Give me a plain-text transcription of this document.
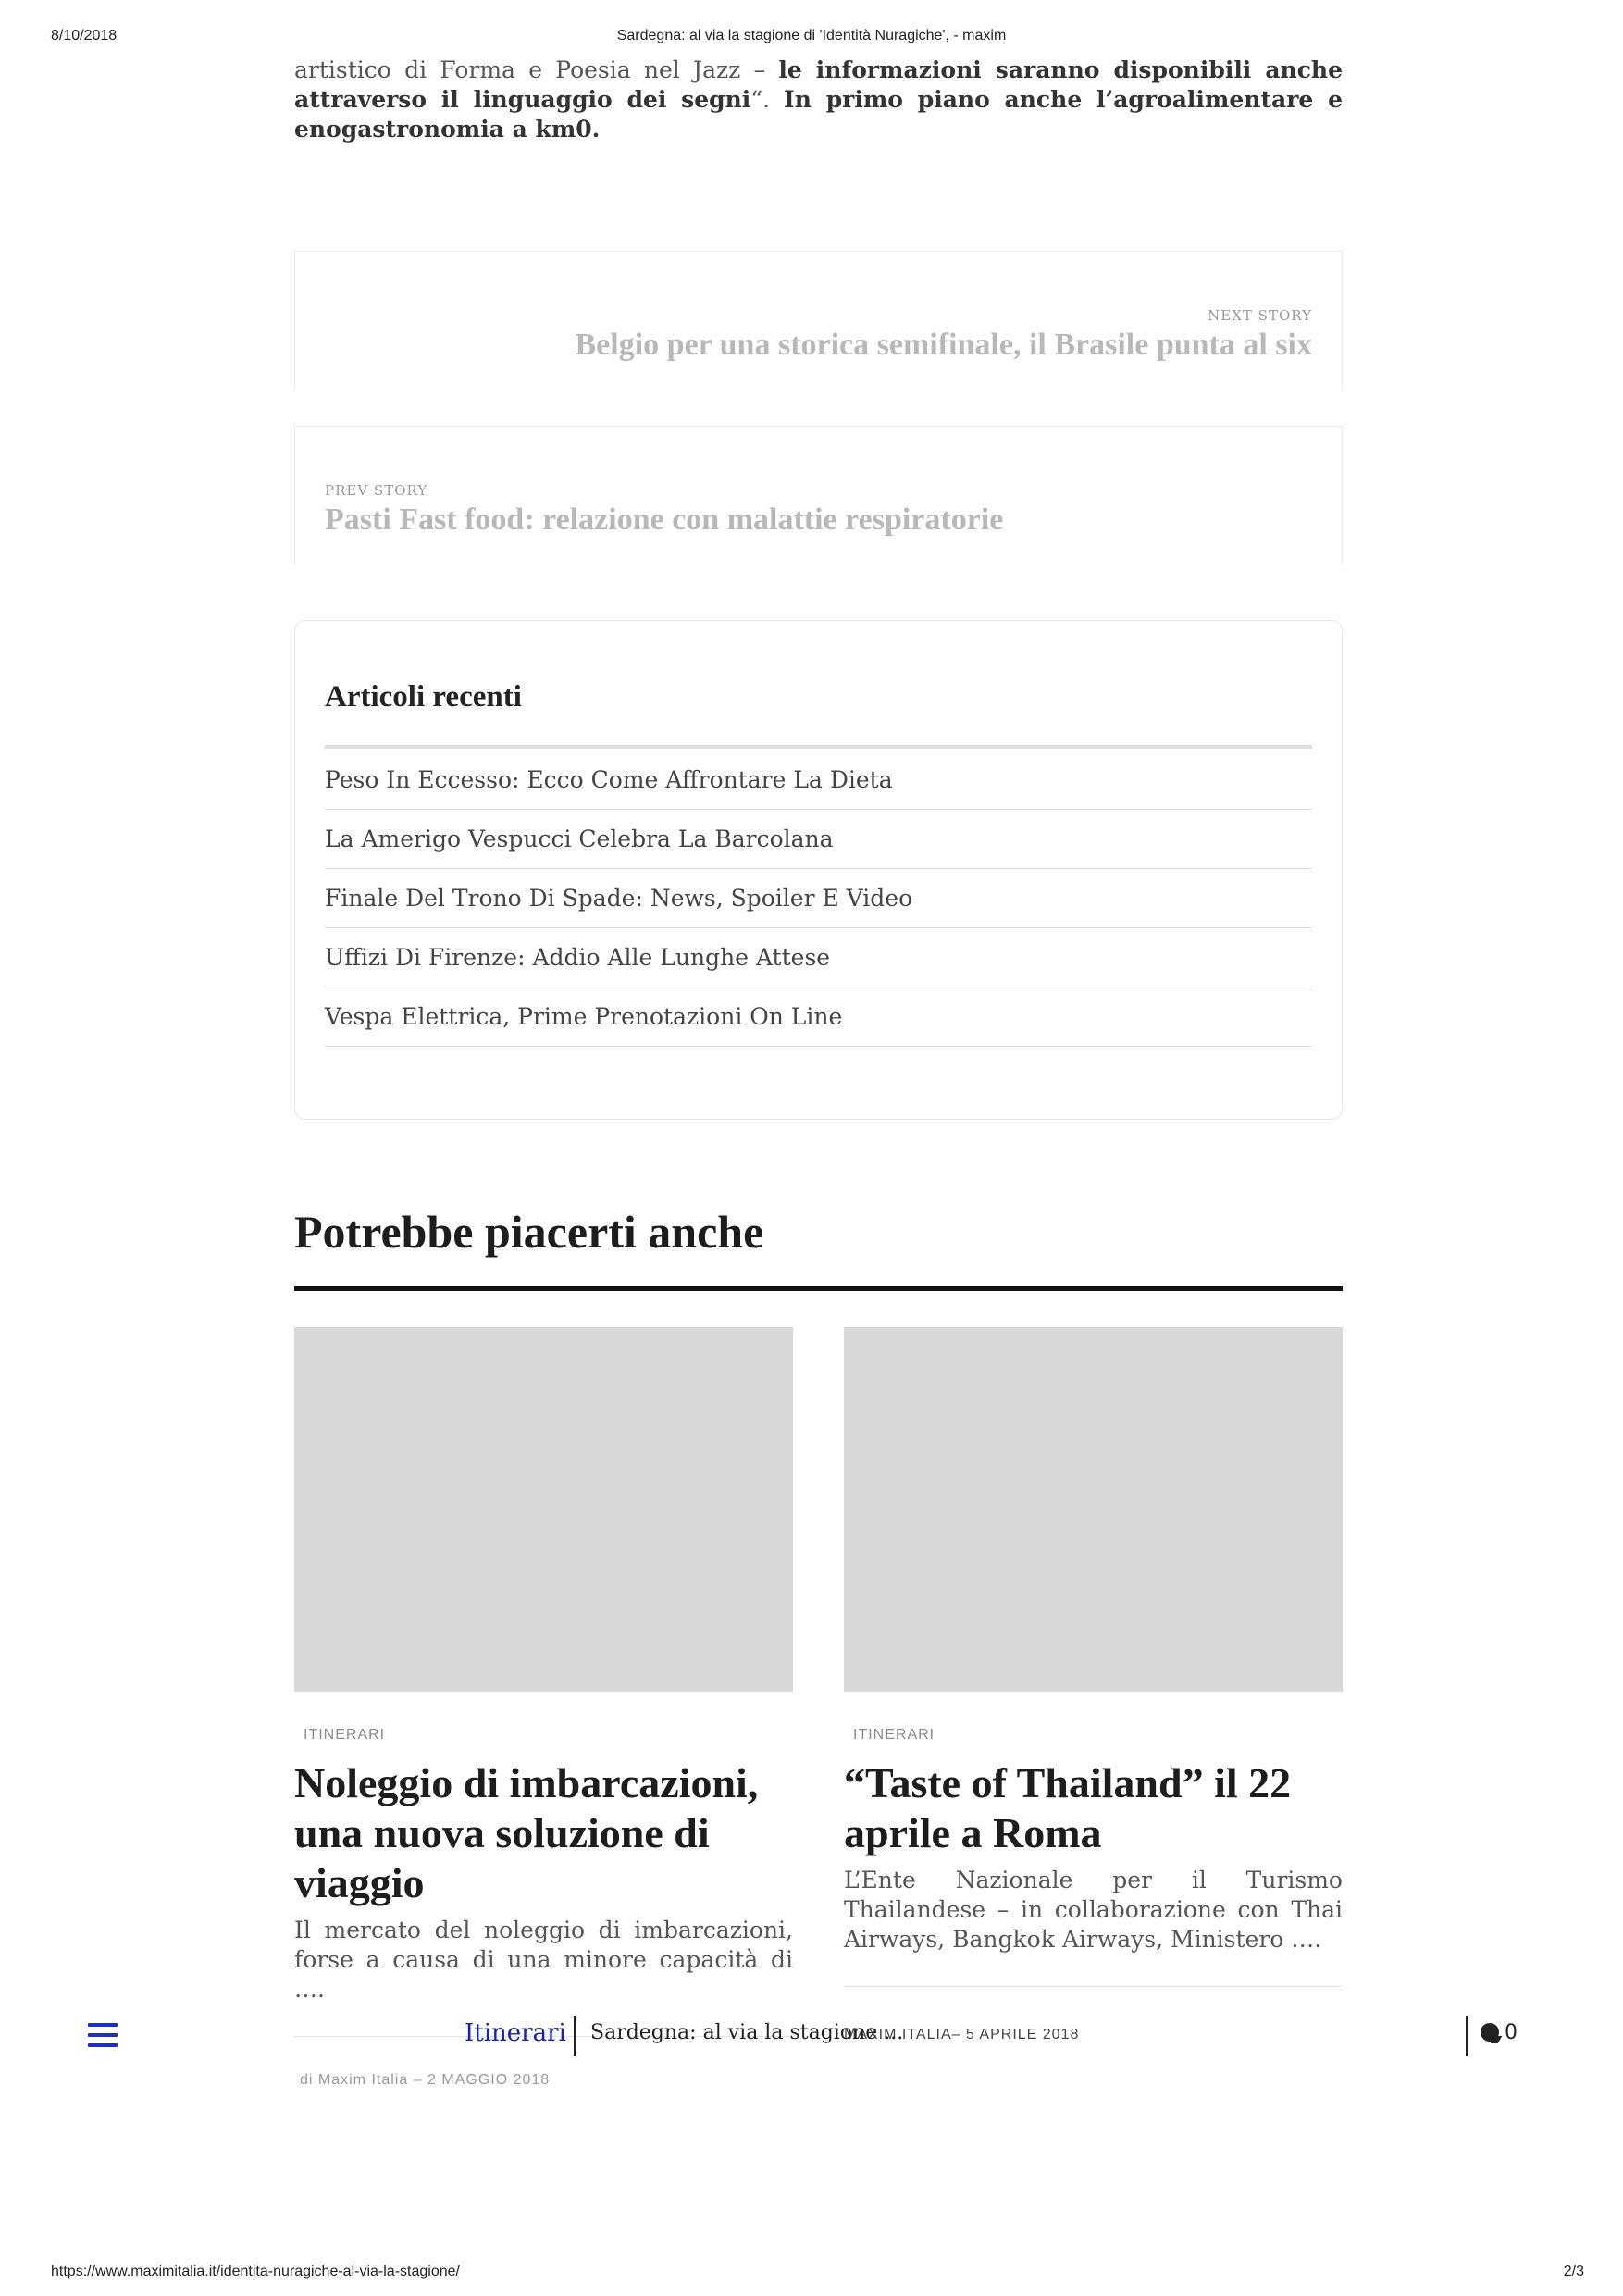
8/10/2018	Sardegna: al via la stagione di 'Identità Nuragiche', - maxim

artistico di Forma e Poesia nel Jazz – le informazioni saranno disponibili anche attraverso il linguaggio dei segni“. In primo piano anche l’agroalimentare e enogastronomia a km0.

NEXT STORY
Belgio per una storica semifinale, il Brasile punta al six
PREV STORY
Pasti Fast food: relazione con malattie respiratorie
Articoli recenti
Peso In Eccesso: Ecco Come Affrontare La Dieta
La Amerigo Vespucci Celebra La Barcolana
Finale Del Trono Di Spade: News, Spoiler E Video
Uffizi Di Firenze: Addio Alle Lunghe Attese
Vespa Elettrica, Prime Prenotazioni On Line
Potrebbe piacerti anche
ITINERARI
Noleggio di imbarcazioni, una nuova soluzione di viaggio

Il mercato del noleggio di imbarcazioni, forse a causa di una minore capacità di ….

di Maxim Italia – 2 MAGGIO 2018
ITINERARI
“Taste of Thailand” il 22 aprile a Roma

L’Ente Nazionale per il Turismo Thailandese – in collaborazione con Thai Airways, Bangkok Airways, Ministero ….

MAXIM ITALIA– 5 APRILE 2018
Itinerari Sardegna: al via la stagione ...	0
https://www.maximitalia.it/identita-nuragiche-al-via-la-stagione/	2/3
